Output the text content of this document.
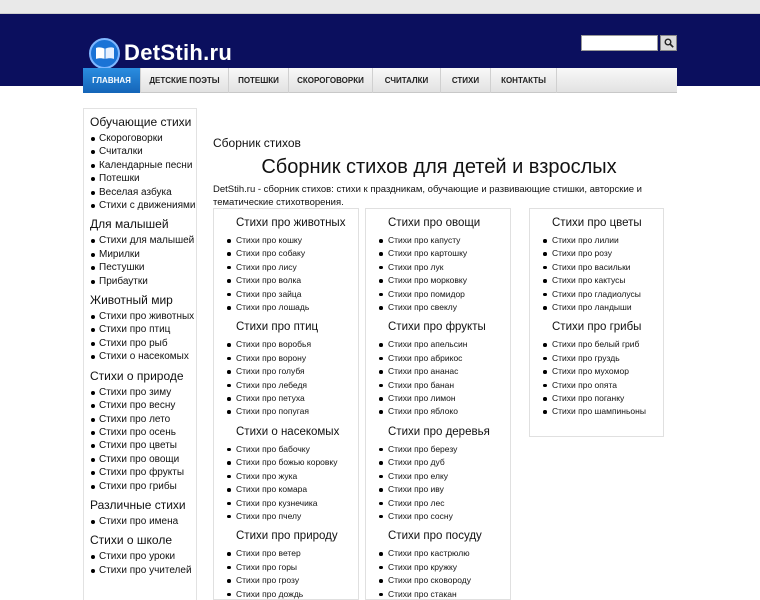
DetStih.ru
ГЛАВНАЯ	ДЕТСКИЕ ПОЭТЫ	ПОТЕШКИ	СКОРОГОВОРКИ	СЧИТАЛКИ	СТИХИ	КОНТАКТЫ
Обучающие стихи
Скороговорки
Считалки
Календарные песни
Потешки
Веселая азбука
Стихи с движениями
Для малышей
Стихи для малышей
Мирилки
Пестушки
Прибаутки
Животный мир
Стихи про животных
Стихи про птиц
Стихи про рыб
Стихи о насекомых
Стихи о природе
Стихи про зиму
Стихи про весну
Стихи про лето
Стихи про осень
Стихи про цветы
Стихи про овощи
Стихи про фрукты
Стихи про грибы
Различные стихи
Стихи про имена
Стихи о школе
Стихи про уроки
Стихи про учителей
Сборник стихов
Сборник стихов для детей и взрослых
DetStih.ru - сборник стихов: стихи к праздникам, обучающие и развивающие стишки, авторские и тематические стихотворения.
Стихи про животных
Стихи про кошку
Стихи про собаку
Стихи про лису
Стихи про волка
Стихи про зайца
Стихи про лошадь
Стихи про птиц
Стихи про воробья
Стихи про ворону
Стихи про голубя
Стихи про лебедя
Стихи про петуха
Стихи про попугая
Стихи о насекомых
Стихи про бабочку
Стихи про божью коровку
Стихи про жука
Стихи про комара
Стихи про кузнечика
Стихи про пчелу
Стихи про природу
Стихи про ветер
Стихи про горы
Стихи про грозу
Стихи про дождь
Стихи про овощи
Стихи про капусту
Стихи про картошку
Стихи про лук
Стихи про морковку
Стихи про помидор
Стихи про свеклу
Стихи про фрукты
Стихи про апельсин
Стихи про абрикос
Стихи про ананас
Стихи про банан
Стихи про лимон
Стихи про яблоко
Стихи про деревья
Стихи про березу
Стихи про дуб
Стихи про елку
Стихи про иву
Стихи про лес
Стихи про сосну
Стихи про посуду
Стихи про кастрюлю
Стихи про кружку
Стихи про сковороду
Стихи про стакан
Стихи про цветы
Стихи про лилии
Стихи про розу
Стихи про васильки
Стихи про кактусы
Стихи про гладиолусы
Стихи про ландыши
Стихи про грибы
Стихи про белый гриб
Стихи про груздь
Стихи про мухомор
Стихи про опята
Стихи про поганку
Стихи про шампиньоны
